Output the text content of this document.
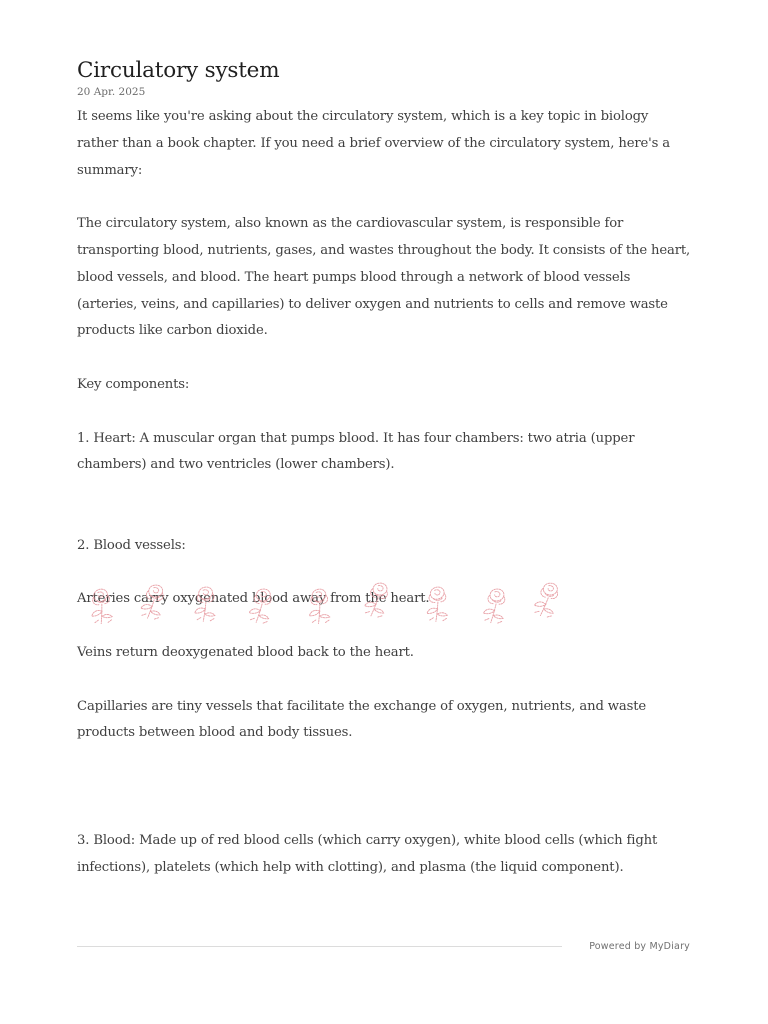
Circulatory system
20 Apr. 2025

It seems like you're asking about the circulatory system, which is a key topic in biology rather than a book chapter. If you need a brief overview of the circulatory system, here's a summary:

The circulatory system, also known as the cardiovascular system, is responsible for transporting blood, nutrients, gases, and wastes throughout the body. It consists of the heart, blood vessels, and blood. The heart pumps blood through a network of blood vessels (arteries, veins, and capillaries) to deliver oxygen and nutrients to cells and remove waste products like carbon dioxide.

Key components:

1. Heart: A muscular organ that pumps blood. It has four chambers: two atria (upper chambers) and two ventricles (lower chambers).

2. Blood vessels:

Arteries carry oxygenated blood away from the heart.

Veins return deoxygenated blood back to the heart.

Capillaries are tiny vessels that facilitate the exchange of oxygen, nutrients, and waste products between blood and body tissues.

3. Blood: Made up of red blood cells (which carry oxygen), white blood cells (which fight infections), platelets (which help with clotting), and plasma (the liquid component).

Powered by MyDiary
